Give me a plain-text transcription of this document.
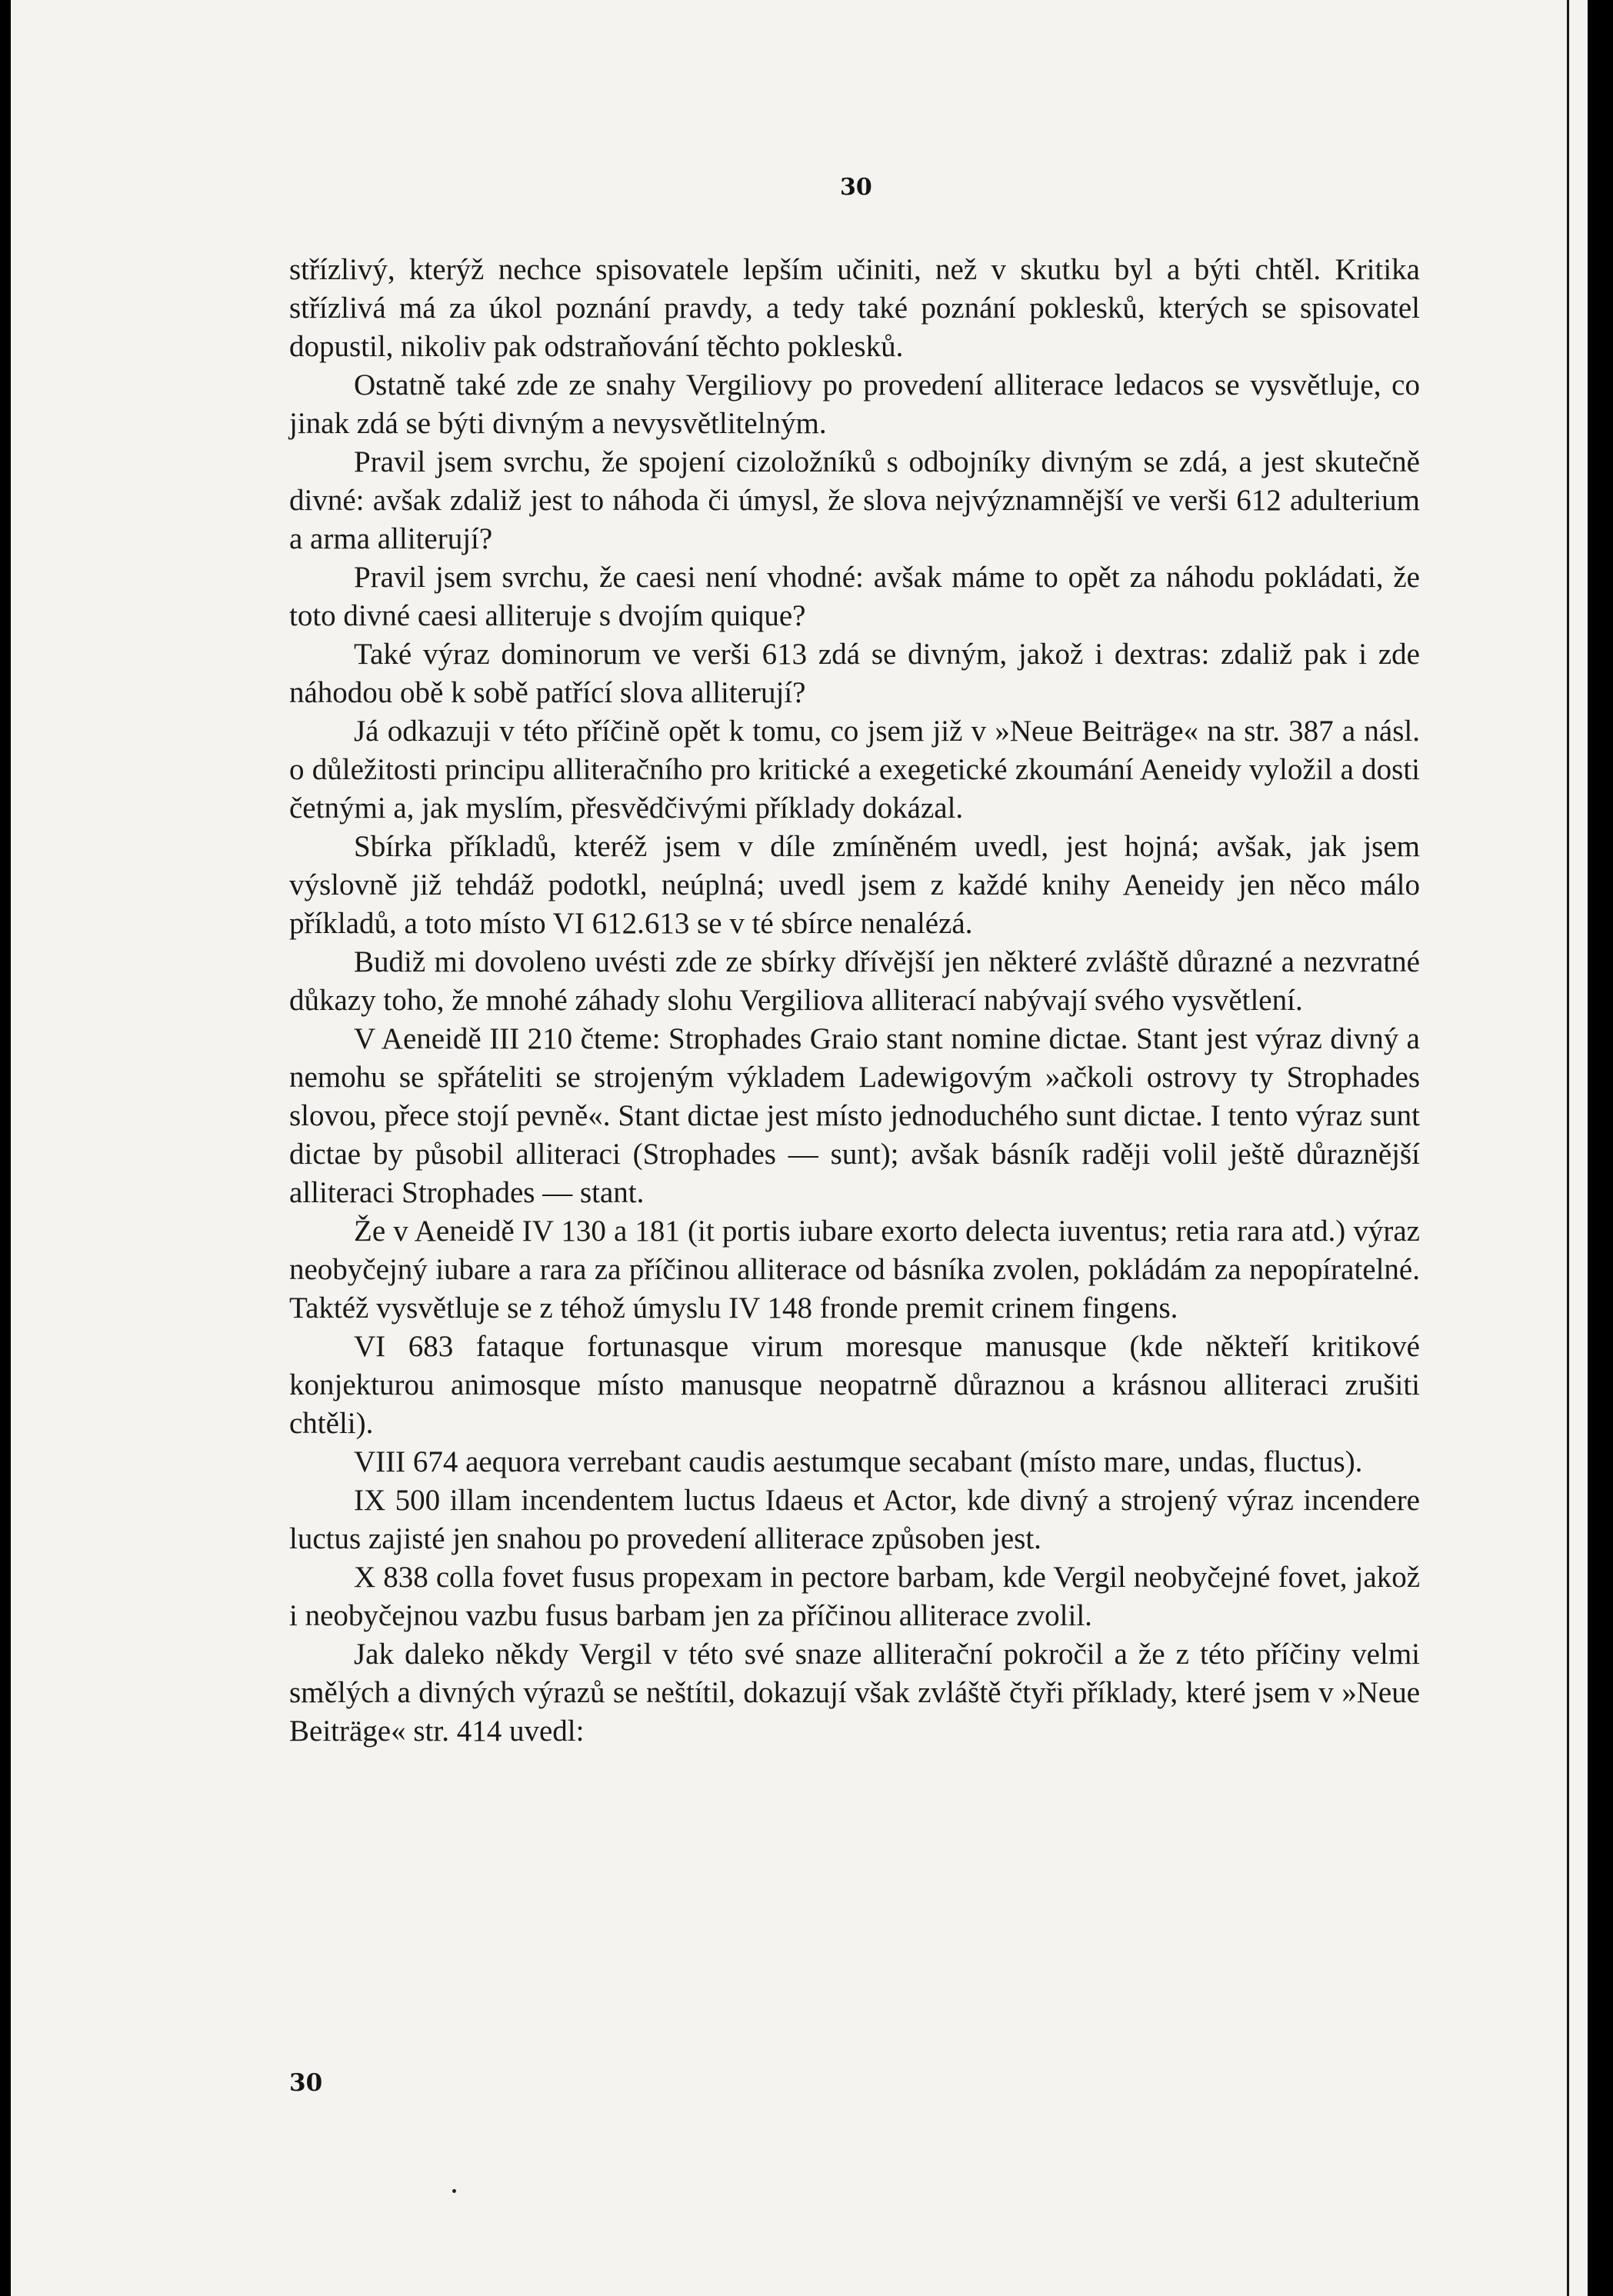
30

střízlivý, kterýž nechce spisovatele lepším učiniti, než v skutku byl a býti chtěl. Kritika střízlivá má za úkol poznání pravdy, a tedy také poznání poklesků, kterých se spisovatel dopustil, nikoliv pak odstraňování těchto poklesků.

Ostatně také zde ze snahy Vergiliovy po provedení alliterace ledacos se vysvětluje, co jinak zdá se býti divným a nevysvětlitelným.

Pravil jsem svrchu, že spojení cizoložníků s odbojníky divným se zdá, a jest skutečně divné: avšak zdaliž jest to náhoda či úmysl, že slova nejvýznamnější ve verši 612 adulterium a arma alliterují?

Pravil jsem svrchu, že caesi není vhodné: avšak máme to opět za náhodu pokládati, že toto divné caesi alliteruje s dvojím quique?

Také výraz dominorum ve verši 613 zdá se divným, jakož i dextras: zdaliž pak i zde náhodou obě k sobě patřící slova alliterují?

Já odkazuji v této příčině opět k tomu, co jsem již v »Neue Beiträge« na str. 387 a násl. o důležitosti principu alliteračního pro kritické a exegetické zkoumání Aeneidy vyložil a dosti četnými a, jak myslím, přesvědčivými příklady dokázal.

Sbírka příkladů, kteréž jsem v díle zmíněném uvedl, jest hojná; avšak, jak jsem výslovně již tehdáž podotkl, neúplná; uvedl jsem z každé knihy Aeneidy jen něco málo příkladů, a toto místo VI 612.613 se v té sbírce nenalézá.

Budiž mi dovoleno uvésti zde ze sbírky dřívější jen některé zvláště důrazné a nezvratné důkazy toho, že mnohé záhady slohu Vergiliova alliterací nabývají svého vysvětlení.

V Aeneidě III 210 čteme: Strophades Graio stant nomine dictae. Stant jest výraz divný a nemohu se spřáteliti se strojeným výkladem Ladewigovým »ačkoli ostrovy ty Strophades slovou, přece stojí pevně«. Stant dictae jest místo jednoduchého sunt dictae. I tento výraz sunt dictae by působil alliteraci (Strophades — sunt); avšak básník raději volil ještě důraznější alliteraci Strophades — stant.

Že v Aeneidě IV 130 a 181 (it portis iubare exorto delecta iuventus; retia rara atd.) výraz neobyčejný iubare a rara za příčinou alliterace od básníka zvolen, pokládám za nepopíratelné. Taktéž vysvětluje se z téhož úmyslu IV 148 fronde premit crinem fingens.

VI 683 fataque fortunasque virum moresque manusque (kde někteří kritikové konjekturou animosque místo manusque neopatrně důraznou a krásnou alliteraci zrušiti chtěli).

VIII 674 aequora verrebant caudis aestumque secabant (místo mare, undas, fluctus).

IX 500 illam incendentem luctus Idaeus et Actor, kde divný a strojený výraz incendere luctus zajisté jen snahou po provedení alliterace způsoben jest.

X 838 colla fovet fusus propexam in pectore barbam, kde Vergil neobyčejné fovet, jakož i neobyčejnou vazbu fusus barbam jen za příčinou alliterace zvolil.

Jak daleko někdy Vergil v této své snaze alliterační pokročil a že z této příčiny velmi smělých a divných výrazů se neštítil, dokazují však zvláště čtyři příklady, které jsem v »Neue Beiträge« str. 414 uvedl:

30
